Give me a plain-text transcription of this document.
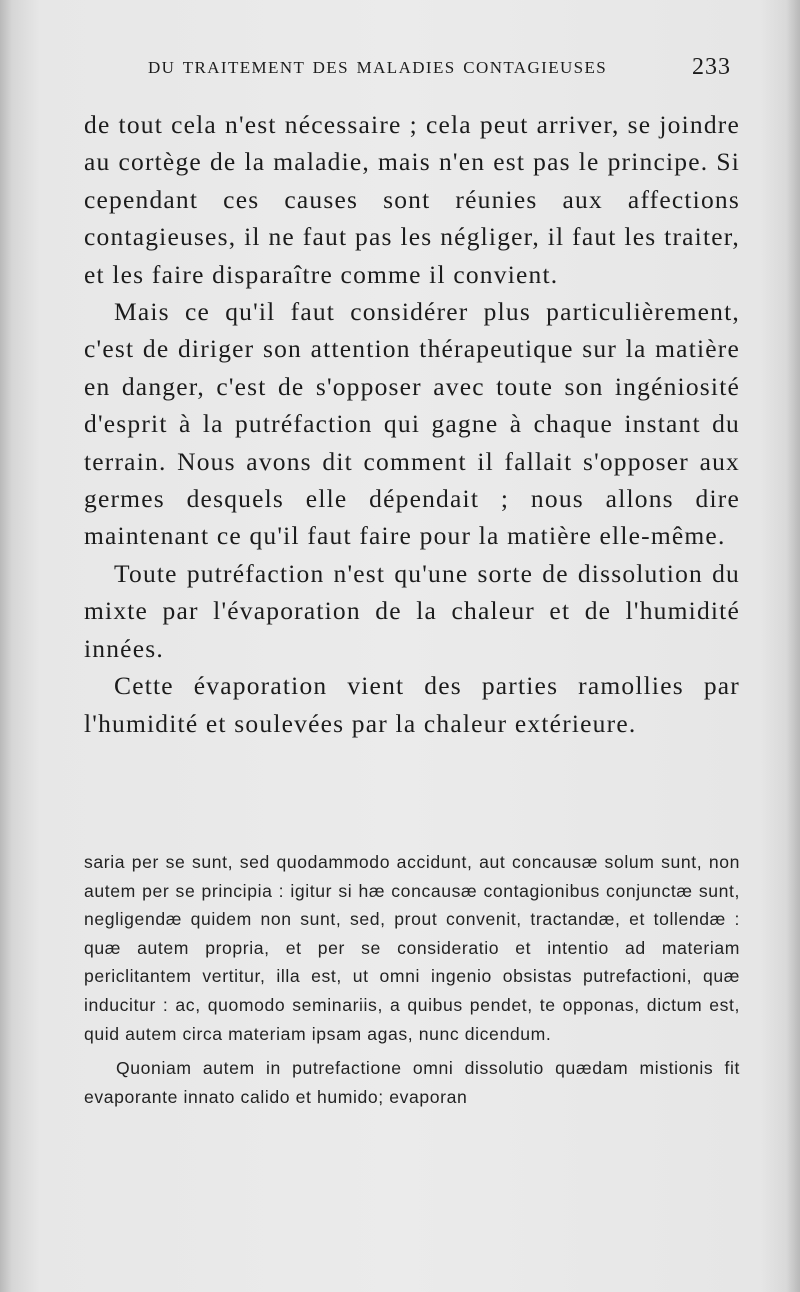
DU TRAITEMENT DES MALADIES CONTAGIEUSES	233

de tout cela n'est nécessaire ; cela peut arriver, se joindre au cortège de la maladie, mais n'en est pas le principe. Si cependant ces causes sont réunies aux affections contagieuses, il ne faut pas les négliger, il faut les traiter, et les faire disparaître comme il convient.

Mais ce qu'il faut considérer plus particulièrement, c'est de diriger son attention thérapeutique sur la matière en danger, c'est de s'opposer avec toute son ingéniosité d'esprit à la putréfaction qui gagne à chaque instant du terrain. Nous avons dit comment il fallait s'opposer aux germes desquels elle dépendait ; nous allons dire maintenant ce qu'il faut faire pour la matière elle-même.

Toute putréfaction n'est qu'une sorte de dissolution du mixte par l'évaporation de la chaleur et de l'humidité innées.

Cette évaporation vient des parties ramollies par l'humidité et soulevées par la chaleur extérieure.

saria per se sunt, sed quodammodo accidunt, aut concausæ solum sunt, non autem per se principia : igitur si hæ concausæ contagionibus conjunctæ sunt, negligendæ quidem non sunt, sed, prout convenit, tractandæ, et tollendæ : quæ autem propria, et per se consideratio et intentio ad materiam periclitantem vertitur, illa est, ut omni ingenio obsistas putrefactioni, quæ inducitur : ac, quomodo seminariis, a quibus pendet, te opponas, dictum est, quid autem circa materiam ipsam agas, nunc dicendum.

Quoniam autem in putrefactione omni dissolutio quædam mistionis fit evaporante innato calido et humido; evaporan
